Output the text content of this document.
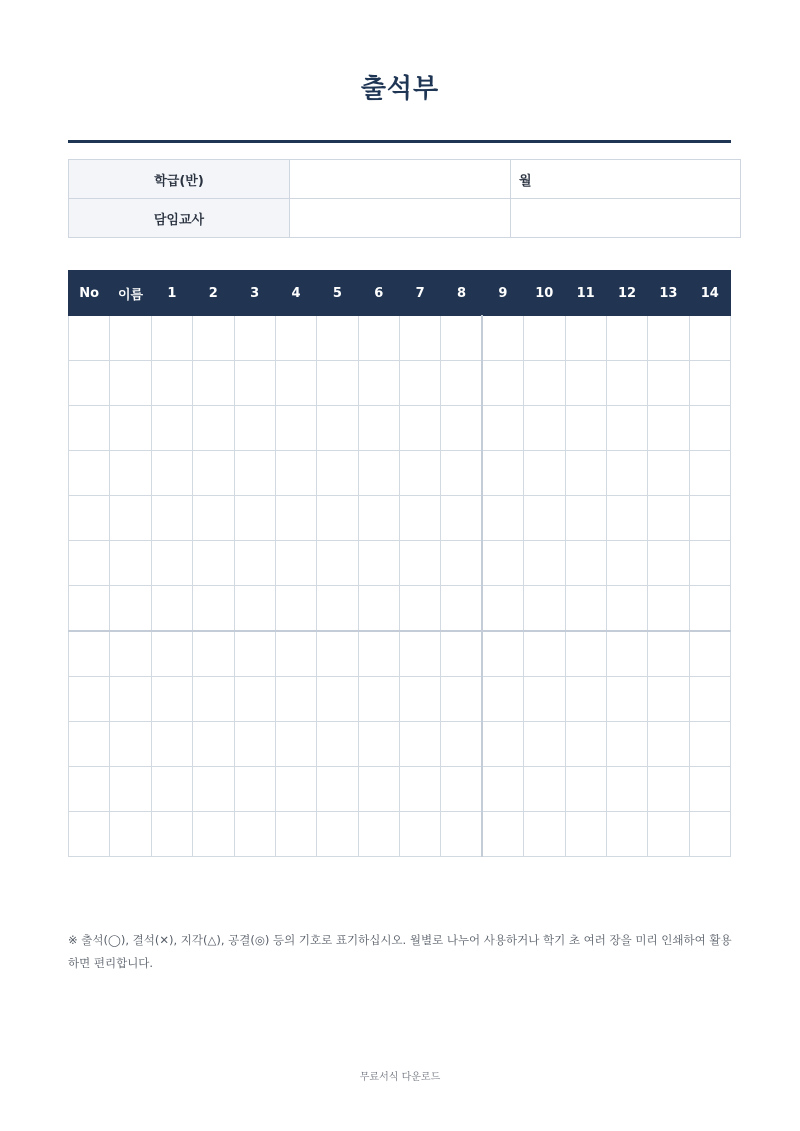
출석부
학급(반)		월
담임교사		
No	이름	1	2	3	4	5	6	7	8	9	10	11	12	13	14

※ 출석(◯), 결석(✕), 지각(△), 공결(◎) 등의 기호로 표기하십시오. 월별로 나누어 사용하거나 학기 초 여러 장을 미리 인쇄하여 활용하면 편리합니다.
무료서식 다운로드
